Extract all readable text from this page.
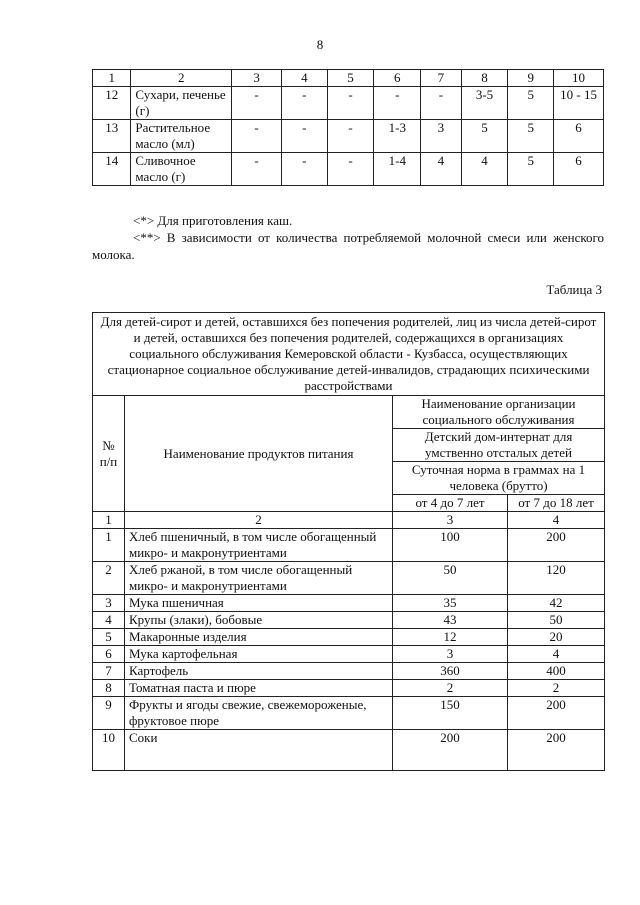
8
1	2	3	4	5	6	7	8	9	10
12	Сухари, печенье (г)	-	-	-	-	-	3-5	5	10 - 15
13	Растительное масло (мл)	-	-	-	1-3	3	5	5	6
14	Сливочное масло (г)	-	-	-	1-4	4	4	5	6
<*> Для приготовления каш.
<**> В зависимости от количества потребляемой молочной смеси или женского молока.
Таблица 3
Для детей-сирот и детей, оставшихся без попечения родителей, лиц из числа детей-сирот и детей, оставшихся без попечения родителей, содержащихся в организациях социального обслуживания Кемеровской области - Кузбасса, осуществляющих стационарное социальное обслуживание детей-инвалидов, страдающих психическими расстройствами			
№ п/п	Наименование продуктов питания	Наименование организации социального обслуживания	
		Детский дом-интернат для умственно отсталых детей	
		Суточная норма в граммах на 1 человека (брутто)	
		от 4 до 7 лет	от 7 до 18 лет
1	2	3	4
1	Хлеб пшеничный, в том числе обогащенный микро- и макронутриентами	100	200
2	Хлеб ржаной, в том числе обогащенный микро- и макронутриентами	50	120
3	Мука пшеничная	35	42
4	Крупы (злаки), бобовые	43	50
5	Макаронные изделия	12	20
6	Мука картофельная	3	4
7	Картофель	360	400
8	Томатная паста и пюре	2	2
9	Фрукты и ягоды свежие, свежемороженые, фруктовое пюре	150	200
10	Соки	200	200
